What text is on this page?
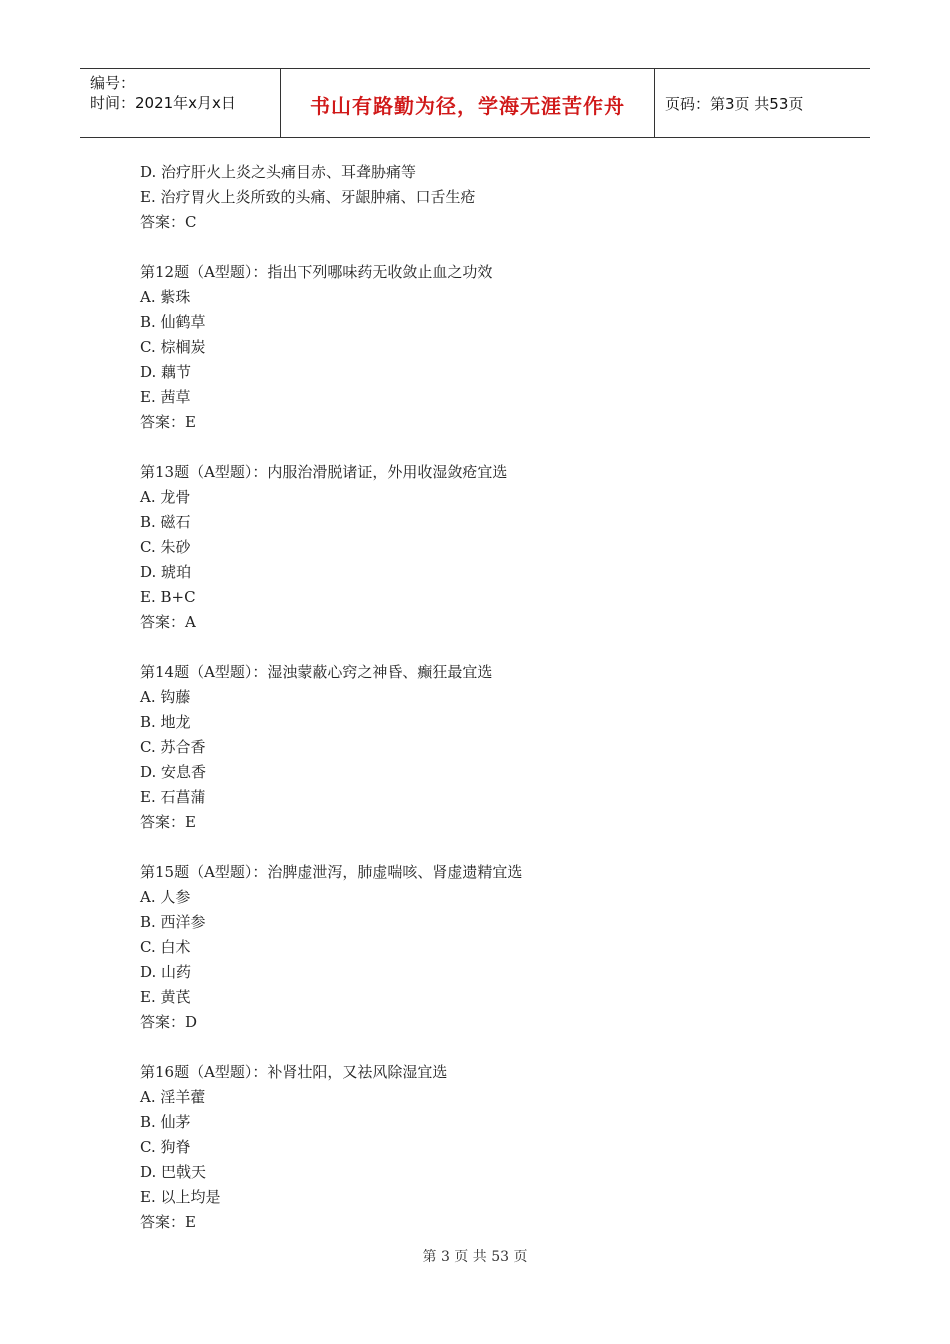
编号：
时间：2021年x月x日	书山有路勤为径，学海无涯苦作舟	页码：第3页 共53页
D. 治疗肝火上炎之头痛目赤、耳聋胁痛等
E. 治疗胃火上炎所致的头痛、牙龈肿痛、口舌生疮
答案：C
第12题（A型题）：指出下列哪味药无收敛止血之功效
A. 紫珠
B. 仙鹤草
C. 棕榈炭
D. 藕节
E. 茜草
答案：E
第13题（A型题）：内服治滑脱诸证，外用收湿敛疮宜选
A. 龙骨
B. 磁石
C. 朱砂
D. 琥珀
E. B+C
答案：A
第14题（A型题）：湿浊蒙蔽心窍之神昏、癫狂最宜选
A. 钩藤
B. 地龙
C. 苏合香
D. 安息香
E. 石菖蒲
答案：E
第15题（A型题）：治脾虚泄泻，肺虚喘咳、肾虚遗精宜选
A. 人参
B. 西洋参
C. 白术
D. 山药
E. 黄芪
答案：D
第16题（A型题）：补肾壮阳，又祛风除湿宜选
A. 淫羊藿
B. 仙茅
C. 狗脊
D. 巴戟天
E. 以上均是
答案：E
第 3 页 共 53 页
